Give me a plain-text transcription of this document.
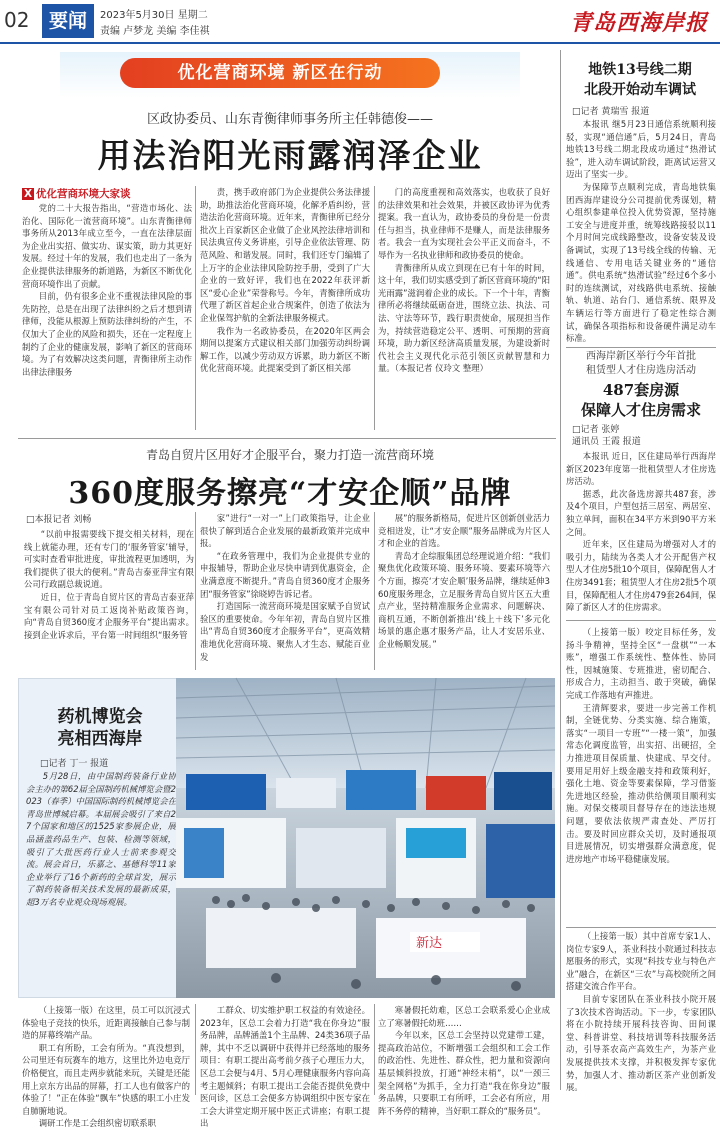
02	要闻	2023年5月30日 星期二
责编 卢梦龙 美编 李佳祺	青岛西海岸报
优化营商环境 新区在行动
区政协委员、山东青衡律师事务所主任韩德俊——
用法治阳光雨露润泽企业
X 优化营商环境大家谈

党的二十大报告指出，“营造市场化、法治化、国际化一流营商环境”。山东青衡律师事务所从2013年成立至今，一直在法律层面为企业出实招、做实功、谋实策，助力其更好发展。经过十年的发展，我们也走出了一条为企业提供法律服务的新道路，为新区不断优化营商环境作出了贡献。

目前，仍有很多企业不重视法律风险的事先防控，总是在出现了法律纠纷之后才想到请律师，没能从根源上预防法律纠纷的产生，不仅加大了企业的风险和损失，还在一定程度上制约了企业的健康发展，影响了新区的营商环境。为了有效解决这类问题，青衡律所主动作出律法律服务

责，携手政府部门为企业提供公务法律援助，助推法治化营商环境，化解矛盾纠纷，营造法治化营商环境。近年来，青衡律所已经分批次上百家新区企业做了企业风控法律培训和民法典宣传义务讲座，引导企业依法管理、防范风险、和谐发展。同时，我们还专门编辑了上万字的企业法律风险防控手册，受到了广大企业的一致好评，我们也在2022年获评新区“爱心企业”荣誉称号。今年，青衡律所成功代理了新区首起企业合规案件，创造了依法为企业保驾护航的全新法律服务模式。

我作为一名政协委员，在2020年区两会期间以提案方式建议相关部门加强劳动纠纷调解工作，以减少劳动双方诉累，助力新区不断优化营商环境。此提案受到了新区相关部

门的高度重视和高效落实，也收获了良好的法律效果和社会效果，并被区政协评为优秀提案。我一直认为，政协委员的身份是一份责任与担当，执业律师不是赚人，而是法律服务者。我会一直为实现社会公平正义而奋斗，不辱作为一名执业律师和政协委员的使命。

青衡律所从成立到现在已有十年的时间，这十年，我们切实感受到了新区营商环境的“阳光雨露”滋润着企业的成长。下一个十年，青衡律所必将继续砥砺奋进，围绕立法、执法、司法、守法等环节，践行职责使命，展现担当作为，持续营造稳定公平、透明、可预期的营商环境，助力新区经济高质量发展，为建设新时代社会主义现代化示范引领区贡献智慧和力量。（本报记者 仪玲文 整理）

青岛自贸片区用好才企服平台，聚力打造一流营商环境
360度服务擦亮“才安企顺”品牌
□本报记者 刘畅

“以前申报需要线下提交相关材料，现在线上就能办理，还有专门的‘服务管家’辅导，可实时查看审批进度，审批流程更加透明，为我们提供了很大的便利。”青岛吉泰亚萍宝有限公司行政副总裁说道。

近日，位于青岛自贸片区的青岛吉泰亚萍宝有限公司针对员工返岗补贴政策咨询，向“青岛自贸360度才企服务平台”提出需求。接到企业诉求后，平台第一时间组织“服务管

家”进行“一对一”上门政策指导，让企业很快了解到适合企业发展的最新政策并完成申报。

“在政务管理中，我们为企业提供专业的申报辅导，帮助企业尽快申请到优惠资金，企业满意度不断提升。”青岛自贸360度才企服务团“服务管家”徐晓婷告诉记者。

打造国际一流营商环境是国家赋予自贸试验区的重要使命。今年年初，青岛自贸片区推出“青岛自贸360度才企服务平台”，更高效精准地优化营商环境、聚焦人才生态、赋能百业发

展”的服务新格局，促进片区创新创业活力竞相迸发，让“才安企顺”服务品牌成为片区人才和企业的首选。

青岛才企综服集团总经理说道介绍：“我们聚焦优化政策环境、服务环境、要素环境等六个方面，擦亮‘才安企顺’服务品牌，继续延伸360度服务理念，立足服务青岛自贸片区五大重点产业，坚持精准服务企业需求、问题解决、商机互通，不断创新推出‘线上＋线下’多元化场景的惠企惠才服务产品，让人才安居乐业、企业畅顺发展。”

药机博览会
亮相西海岸
□记者 丁一 报道

5月28日，由中国制药装备行业协会主办的第62届全国制药机械博览会暨2023（春季）中国国际制药机械博览会在青岛世博城启幕。本届展会吸引了来自27个国家和地区的1525家参展企业，展品涵盖药品生产、包装、检测等领域，吸引了大批医药行业人士前来参观交流。展会首日，乐嘉之、基德科等11家企业举行了16个新药的全球首发，展示了制药装备相关技术发展的最新成果，超3万名专业观众现场观展。

新达

（上接第一版）在这里，员工可以沉浸式体验电子竞技的快乐，近距离接触自己参与制造的屏幕终端产品。

职工有所盼，工会有所为。“真没想到，公司里还有玩赛车的地方，这里比外边电竞厅价格便宜，而且走两步就能来玩，关键是还能用上京东方出品的屏幕，打工人也有做客户的体验了！”正在体验“飘车”快感的职工小庄发自肺腑地说。

调研工作是工会组织密切联系职

工群众、切实维护职工权益的有效途径。2023年，区总工会着力打造“我在你身边”服务品牌，品牌涵盖1个主品牌、24类36项子品牌，其中不乏以调研中获得并已经落地的服务项目：有职工提出高考前夕孩子心理压力大，区总工会便与4月、5月心理健康服务内容向高考主题倾斜；有职工提出工会能否提供免费中医问诊，区总工会便多方协调组织中医专家在工会大讲堂定期开展中医正式讲座；有职工提出

寒暑假托幼难，区总工会联系爱心企业成立了寒暑假托幼班……

今年以来，区总工会坚持以党建带工建，提高政治站位，不断增强工会组织和工会工作的政治性、先进性、群众性，把力量和资源向基层倾斜投放，打通“神经末梢”，以“一颈三架全网格”为抓手，全力打造“我在你身边”服务品牌，只要职工有所呼，工会必有所应，用阵不务停的精神，当好职工群众的“服务员”。

地铁13号线二期
北段开始动车调试
□记者 黄瑞雪 报道

本报讯 继5月23日通信系统顺利接驳，实现“通信通”后，5月24日，青岛地铁13号线二期北段成功通过“热滑试验”，进入动车调试阶段，距离试运营又迈出了坚实一步。

为保障节点顺利完成，青岛地铁集团西海岸建设分公司提前优秀谋划，精心组织参建单位投入优势资源，坚持施工安全与进度并重，统筹线路接驳以11个月时间完成线路整改，设备安装及设备调试，实现了13号线全线的传输、无线通信、专用电话关键业务的“通信通”。供电系统“热滑试验”经过6个多小时的连续测试，对线路供电系统、接触轨、轨道、站台门、通信系统、限界及车辆运行等方面进行了稳定性综合测试，确保各项指标和设备硬件满足动车标准。

西海岸新区举行今年首批
租赁型人才住房选房活动
487套房源
保障人才住房需求
□记者 张婷
通讯员 王霞 报道

本报讯 近日，区住建局举行西海岸新区2023年度第一批租赁型人才住房选房活动。

据悉，此次备选房源共487套，涉及4个项目，户型包括三居室、两居室、独立单间，面积在34平方米到90平方米之间。

近年来，区住建局为增强对人才的吸引力，陆续为各类人才公开配售产权型人才住房5批10个项目，保障配售人才住房3491套；租赁型人才住房2批5个项目，保障配租人才住房479套264间，保障了新区人才的住房需求。

（上接第一版）咬定目标任务，发扬斗争精神，坚持全区“一盘棋”“一本账”，增强工作系统性、整体性、协同性，因城施策、专班推进，密切配合、形成合力，主动担当、敢于突破，确保完成工作落地有声推进。

王清辉要求，要进一步完善工作机制，全链优势、分类实施、综合施策，落实“一项目一专班”“一楼一策”，加强常态化调度监管，出实招、出硬招，全力推进项目保质量、快建成、早交付。要用足用好上级金融支持和政策利好，强化土地、资金等要素保障，学习借鉴先进地区经验，推动供给侧项目顺利实施。对保交楼项目督导存在的违法违规问题，要依法依规严肃查处、严厉打击。要及时回应群众关切，及时通报项目进展情况，切实增强群众满意度，促进房地产市场平稳健康发展。

（上接第一版）其中首席专家1人、岗位专家9人，茶业科技小院通过科技志愿服务的形式，实现“科技专业与特色产业”融合，在新区“三农”与高校院所之间搭建交流合作平台。

目前专家团队在茶业科技小院开展了3次技术咨询活动。下一步，专家团队将在小院持续开展科技咨询、田间课堂、科普讲堂、科技培训等科技服务活动，引导茶农高产高效生产，为茶产业发展提供技术支撑，并积极发挥专家优势，加强人才、推动新区茶产业创新发展。
